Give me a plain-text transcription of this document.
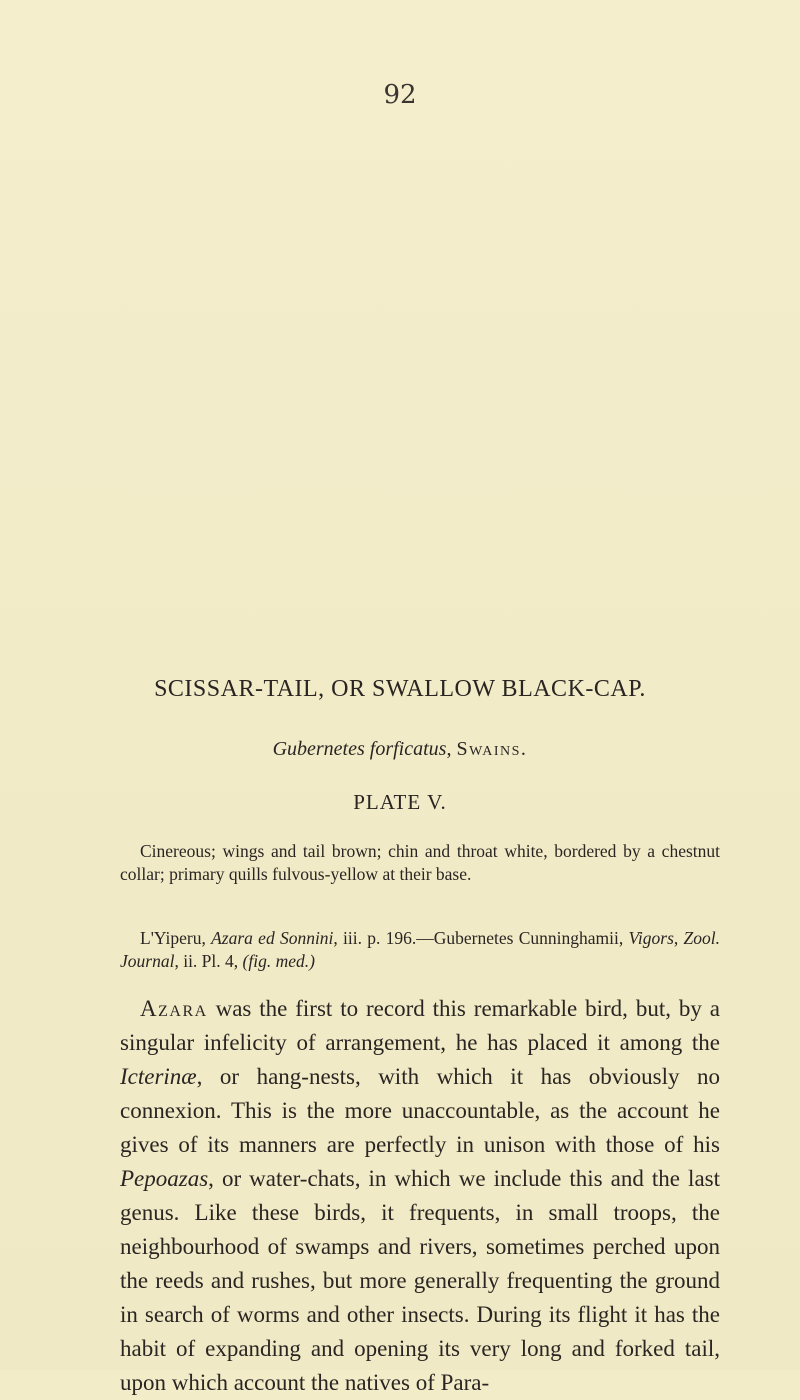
92
SCISSAR-TAIL, OR SWALLOW BLACK-CAP.
Gubernetes forficatus, Swains.
PLATE V.

Cinereous; wings and tail brown; chin and throat white, bordered by a chestnut collar; primary quills fulvous-yellow at their base.

L'Yiperu, Azara ed Sonnini, iii. p. 196.—Gubernetes Cunninghamii, Vigors, Zool. Journal, ii. Pl. 4, (fig. med.)

Azara was the first to record this remarkable bird, but, by a singular infelicity of arrangement, he has placed it among the Icterinæ, or hang-nests, with which it has obviously no connexion. This is the more unaccountable, as the account he gives of its manners are perfectly in unison with those of his Pepoazas, or water-chats, in which we include this and the last genus. Like these birds, it frequents, in small troops, the neighbourhood of swamps and rivers, sometimes perched upon the reeds and rushes, but more generally frequenting the ground in search of worms and other insects. During its flight it has the habit of expanding and opening its very long and forked tail, upon which account the natives of Para-
